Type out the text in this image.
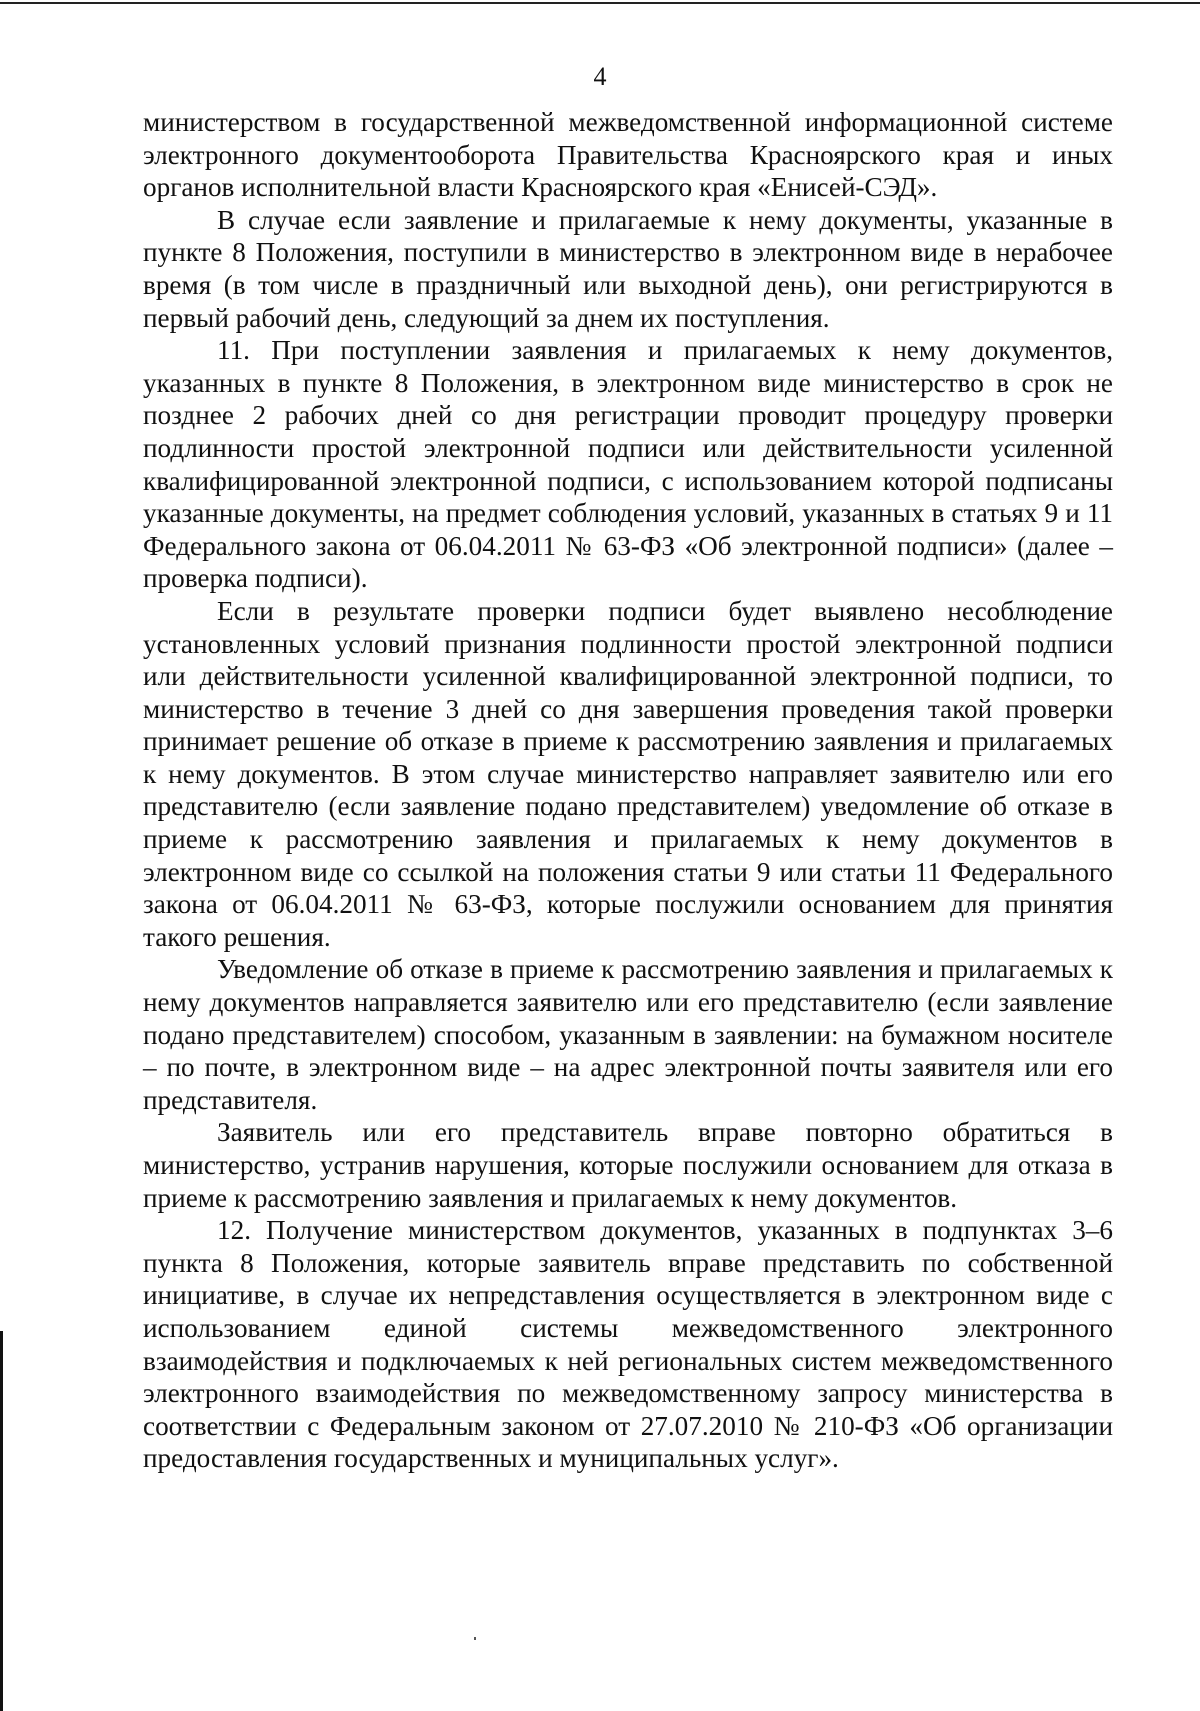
4

министерством в государственной межведомственной информационной системе электронного документооборота Правительства Красноярского края и иных органов исполнительной власти Красноярского края «Енисей-СЭД».

В случае если заявление и прилагаемые к нему документы, указанные в пункте 8 Положения, поступили в министерство в электронном виде в нерабочее время (в том числе в праздничный или выходной день), они регистрируются в первый рабочий день, следующий за днем их поступления.

11. При поступлении заявления и прилагаемых к нему документов, указанных в пункте 8 Положения, в электронном виде министерство в срок не позднее 2 рабочих дней со дня регистрации проводит процедуру проверки подлинности простой электронной подписи или действительности усиленной квалифицированной электронной подписи, с использованием которой подписаны указанные документы, на предмет соблюдения условий, указанных в статьях 9 и 11 Федерального закона от 06.04.2011 № 63-ФЗ «Об электронной подписи» (далее – проверка подписи).

Если в результате проверки подписи будет выявлено несоблюдение установленных условий признания подлинности простой электронной подписи или действительности усиленной квалифицированной электронной подписи, то министерство в течение 3 дней со дня завершения проведения такой проверки принимает решение об отказе в приеме к рассмотрению заявления и прилагаемых к нему документов. В этом случае министерство направляет заявителю или его представителю (если заявление подано представителем) уведомление об отказе в приеме к рассмотрению заявления и прилагаемых к нему документов в электронном виде со ссылкой на положения статьи 9 или статьи 11 Федерального закона от 06.04.2011 № 63-ФЗ, которые послужили основанием для принятия такого решения.

Уведомление об отказе в приеме к рассмотрению заявления и прилагаемых к нему документов направляется заявителю или его представителю (если заявление подано представителем) способом, указанным в заявлении: на бумажном носителе – по почте, в электронном виде – на адрес электронной почты заявителя или его представителя.

Заявитель или его представитель вправе повторно обратиться в министерство, устранив нарушения, которые послужили основанием для отказа в приеме к рассмотрению заявления и прилагаемых к нему документов.

12. Получение министерством документов, указанных в подпунктах 3–6 пункта 8 Положения, которые заявитель вправе представить по собственной инициативе, в случае их непредставления осуществляется в электронном виде с использованием единой системы межведомственного электронного взаимодействия и подключаемых к ней региональных систем межведомственного электронного взаимодействия по межведомственному запросу министерства в соответствии с Федеральным законом от 27.07.2010 № 210-ФЗ «Об организации предоставления государственных и муниципальных услуг».
